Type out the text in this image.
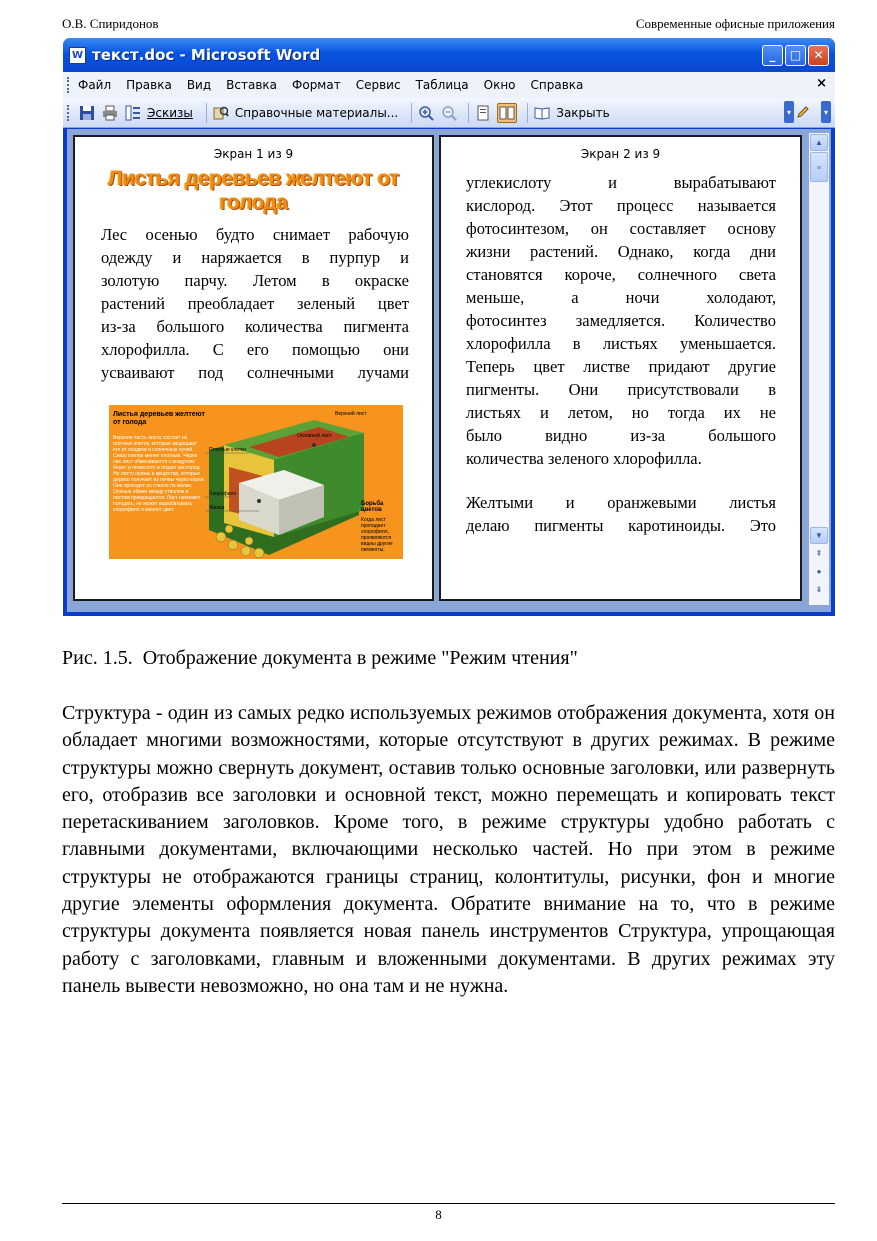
О.В. Спиридонов	Современные офисные приложения
W текст.doc - Microsoft Word	_	□	✕
Файл Правка Вид Вставка Формат Сервис Таблица Окно Справка	×
Эскизы	Справочные материалы...	Закрыть	▾	▾
Экран 1 из 9
Листья деревьев желтеют от голода

Лес осенью будто снимает рабочую

одежду и наряжается в пурпур и

золотую парчу. Летом в окраске

растений преобладает зеленый цвет

из-за большого количества пигмента

хлорофилла. С его помощью они

усваивают под солнечными лучами

Листья деревьев желтеют от голода
Верхняя часть листа состоит из плотных клеток, которые защищают его от осадков и солнечных лучей. Снизу клетки менее плотные. Через них лист обменивается с воздухом: берет углекислоту и отдает кислород. Но листу нужны и вещества, которые дерево получает из почвы через корни. Они проходят из ствола по жилке. Осенью обмен между стволом и листом прекращается. Лист начинает голодать, не может вырабатывать хлорофилл и меняет цвет.
Верхний лист
Основной лист
Плотные клетки
Хлорофилл
Жилка
Борьба цветов
Когда лист пропадает хлорофилл, проявляются видны другие пигменты.
Экран 2 из 9

углекислоту и вырабатывают

кислород. Этот процесс называется

фотосинтезом, он составляет основу

жизни растений. Однако, когда дни

становятся короче, солнечного света

меньше, а ночи холодают,

фотосинтез замедляется. Количество

хлорофилла в листьях уменьшается.

Теперь цвет листве придают другие

пигменты. Они присутствовали в

листьях и летом, но тогда их не

было видно из-за большого

количества зеленого хлорофилла.

Желтыми и оранжевыми листья

делаю пигменты каротиноиды. Это

▲
≡
▼
⇞
●
⇟
Рис. 1.5.  Отображение документа в режиме "Режим чтения"

Структура - один из самых редко используемых режимов отображения документа, хотя он обладает многими возможностями, которые отсутствуют в других режимах. В режиме структуры можно свернуть документ, оставив только основные заголовки, или развернуть его, отобразив все заголовки и основной текст, можно перемещать и копировать текст перетаскиванием заголовков. Кроме того, в режиме структуры удобно работать с главными документами, включающими несколько частей. Но при этом в режиме структуры не отображаются границы страниц, колонтитулы, рисунки, фон и многие другие элементы оформления документа. Обратите внимание на то, что в режиме структуры документа появляется новая панель инструментов Структура, упрощающая работу с заголовками, главным и вложенными документами. В других режимах эту панель вывести невозможно, но она там и не нужна.

8
